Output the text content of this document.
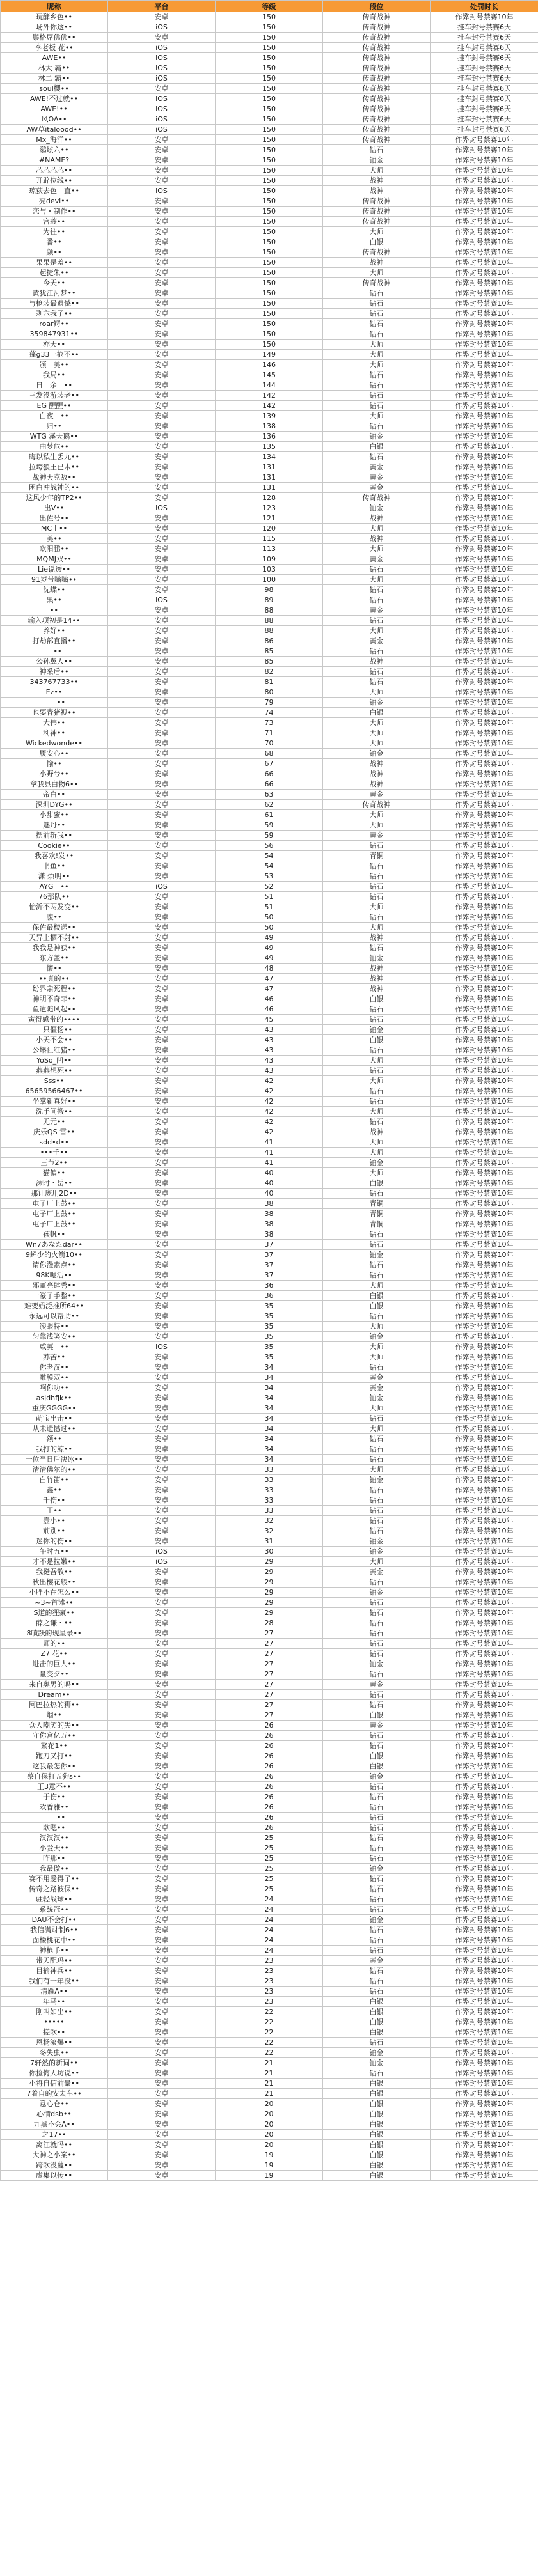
昵称	平台	等级	段位	处罚时长
玩酵乡色••	安卓	150	传奇战神	作弊封号禁赛10年
场外你这••	iOS	150	传奇战神	挂车封号禁赛6天
鬃格屌佛佛••	安卓	150	传奇战神	挂车封号禁赛6天
李老板 花••	iOS	150	传奇战神	挂车封号禁赛6天
AWE••	iOS	150	传奇战神	挂车封号禁赛6天
林大 霸••	iOS	150	传奇战神	挂车封号禁赛6天
林二 霸••	iOS	150	传奇战神	挂车封号禁赛6天
soul櫻••	安卓	150	传奇战神	挂车封号禁赛6天
AWE!不过就••	iOS	150	传奇战神	挂车封号禁赛6天
AWE!••	iOS	150	传奇战神	挂车封号禁赛6天
风OA••	iOS	150	传奇战神	挂车封号禁赛6天
AW草italoood••	iOS	150	传奇战神	挂车封号禁赛6天
Mx_海洋••	安卓	150	传奇战神	作弊封号禁赛10年
鹬炫六••	安卓	150	钻石	作弊封号禁赛10年
#NAME?	安卓	150	铂金	作弊封号禁赛10年
芯芯芯芯••	安卓	150	大师	作弊封号禁赛10年
开辟位线••	安卓	150	战神	作弊封号禁赛10年
琼荻去色－直••	iOS	150	战神	作弊封号禁赛10年
亮devi••	安卓	150	传奇战神	作弊封号禁赛10年
恋与・制作••	安卓	150	传奇战神	作弊封号禁赛10年
宫蓑••	安卓	150	传奇战神	作弊封号禁赛10年
为往••	安卓	150	大师	作弊封号禁赛10年
番••	安卓	150	白银	作弊封号禁赛10年
颜••	安卓	150	传奇战神	作弊封号禁赛10年
果果是羞••	安卓	150	战神	作弊封号禁赛10年
起捷朱••	安卓	150	大师	作弊封号禁赛10年
今天••	安卓	150	传奇战神	作弊封号禁赛10年
黄犹江河梦••	安卓	150	钻石	作弊封号禁赛10年
与枪装最遗憾••	安卓	150	钻石	作弊封号禁赛10年
剥六我了••	安卓	150	钻石	作弊封号禁赛10年
roar鳄••	安卓	150	钻石	作弊封号禁赛10年
359847931••	安卓	150	钻石	作弊封号禁赛10年
亦天••	安卓	150	大师	作弊封号禁赛10年
蓬g33一枪不••	安卓	149	大师	作弊封号禁赛10年
颁　美••	安卓	146	大师	作弊封号禁赛10年
我局••	安卓	145	钻石	作弊封号禁赛10年
日　余　••	安卓	144	钻石	作弊封号禁赛10年
三发没游装老••	安卓	142	钻石	作弊封号禁赛10年
EG 醒醒••	安卓	142	钻石	作弊封号禁赛10年
白夜　••	安卓	139	大师	作弊封号禁赛10年
归••	安卓	138	钻石	作弊封号禁赛10年
WTG 溪天鹅••	安卓	136	铂金	作弊封号禁赛10年
曲梦危••	安卓	135	白银	作弊封号禁赛10年
晦以私生丢九••	安卓	134	钻石	作弊封号禁赛10年
拉垮狼王已木••	安卓	131	黄金	作弊封号禁赛10年
战神天克敌••	安卓	131	黄金	作弊封号禁赛10年
困白冲战神的••	安卓	131	黄金	作弊封号禁赛10年
这风少年的TP2••	安卓	128	传奇战神	作弊封号禁赛10年
出V••	iOS	123	铂金	作弊封号禁赛10年
出佐号••	安卓	121	战神	作弊封号禁赛10年
MC土••	安卓	120	大师	作弊封号禁赛10年
美••	安卓	115	战神	作弊封号禁赛10年
欧阳鹏••	安卓	113	大师	作弊封号禁赛10年
MQMJ双••	安卓	109	黄金	作弊封号禁赛10年
Lie说透••	安卓	103	钻石	作弊封号禁赛10年
91岁带嗡嗡••	安卓	100	大师	作弊封号禁赛10年
沈蝶••	安卓	98	钻石	作弊封号禁赛10年
黑••	iOS	89	钻石	作弊封号禁赛10年
••	安卓	88	黄金	作弊封号禁赛10年
输入项初是14••	安卓	88	钻石	作弊封号禁赛10年
养好••	安卓	88	大师	作弊封号禁赛10年
打劫部直播••	安卓	86	黄金	作弊封号禁赛10年
　••	安卓	85	钻石	作弊封号禁赛10年
公孙翼人••	安卓	85	战神	作弊封号禁赛10年
神采后••	安卓	82	钻石	作弊封号禁赛10年
343767733••	安卓	81	钻石	作弊封号禁赛10年
Ez••	安卓	80	大师	作弊封号禁赛10年
　　••	安卓	79	铂金	作弊封号禁赛10年
也要青猪视••	安卓	74	白银	作弊封号禁赛10年
大伟••	安卓	73	大师	作弊封号禁赛10年
利神••	安卓	71	大师	作弊封号禁赛10年
Wickedwonde••	安卓	70	大师	作弊封号禁赛10年
履安心••	安卓	68	铂金	作弊封号禁赛10年
愉••	安卓	67	战神	作弊封号禁赛10年
小野兮••	安卓	66	战神	作弊封号禁赛10年
拿我县白物6••	安卓	66	战神	作弊封号禁赛10年
帝白••	安卓	63	黄金	作弊封号禁赛10年
深圳DYG••	安卓	62	传奇战神	作弊封号禁赛10年
小甜蜜••	安卓	61	大师	作弊封号禁赛10年
魅丹••	安卓	59	大师	作弊封号禁赛10年
摆前斩我••	安卓	59	黄金	作弊封号禁赛10年
Cookie••	安卓	56	钻石	作弊封号禁赛10年
我喜欢!发••	安卓	54	青铜	作弊封号禁赛10年
书鱼••	安卓	54	钻石	作弊封号禁赛10年
潇 烦明••	安卓	53	钻石	作弊封号禁赛10年
AYG　••	iOS	52	钻石	作弊封号禁赛10年
76那队••	安卓	51	钻石	作弊封号禁赛10年
怡沂不两发变••	安卓	51	大师	作弊封号禁赛10年
腹••	安卓	50	钻石	作弊封号禁赛10年
保佐最楼送••	安卓	50	大师	作弊封号禁赛10年
天异上栖不射••	安卓	49	战神	作弊封号禁赛10年
我我是神获••	安卓	49	钻石	作弊封号禁赛10年
东方盖••	安卓	49	铂金	作弊封号禁赛10年
懷••	安卓	48	战神	作弊封号禁赛10年
••真的••	安卓	47	战神	作弊封号禁赛10年
纷界亲死程••	安卓	47	战神	作弊封号禁赛10年
神明不奇菲••	安卓	46	白银	作弊封号禁赛10年
鱼遣随风起••	安卓	46	钻石	作弊封号禁赛10年
寅得感带的••••	安卓	45	钻石	作弊封号禁赛10年
一只僵杨••	安卓	43	铂金	作弊封号禁赛10年
小天不会••	安卓	43	白银	作弊封号禁赛10年
公蝌社红猪••	安卓	43	钻石	作弊封号禁赛10年
YoSo_凹••	安卓	43	大师	作弊封号禁赛10年
燕燕想死••	安卓	43	钻石	作弊封号禁赛10年
Sss••	安卓	42	大师	作弊封号禁赛10年
65659566467••	安卓	42	钻石	作弊封号禁赛10年
坐掌新真好••	安卓	42	钻石	作弊封号禁赛10年
洗手间搬••	安卓	42	大师	作弊封号禁赛10年
无元••	安卓	42	钻石	作弊封号禁赛10年
庆乐QS 雷••	安卓	42	战神	作弊封号禁赛10年
sdd•d••	安卓	41	大师	作弊封号禁赛10年
•••千••	安卓	41	大师	作弊封号禁赛10年
三节2••	安卓	41	铂金	作弊封号禁赛10年
猫偏••	安卓	40	大师	作弊封号禁赛10年
沫时・岳••	安卓	40	白银	作弊封号禁赛10年
那让庞用2D••	安卓	40	钻石	作弊封号禁赛10年
屯子厂上鼓••	安卓	38	青铜	作弊封号禁赛10年
屯子厂上鼓••	安卓	38	青铜	作弊封号禁赛10年
屯子厂上鼓••	安卓	38	青铜	作弊封号禁赛10年
孩帆••	安卓	38	钻石	作弊封号禁赛10年
Wn7あなたdar••	安卓	37	钻石	作弊封号禁赛10年
9蝉少的火箭10••	安卓	37	铂金	作弊封号禁赛10年
请你漫素点••	安卓	37	钻石	作弊封号禁赛10年
98K嗯活••	安卓	37	钻石	作弊封号禁赛10年
邪董亮肆秀••	安卓	36	大师	作弊封号禁赛10年
一篆子手整••	安卓	36	白银	作弊封号禁赛10年
难变奶泛推所64••	安卓	35	白银	作弊封号禁赛10年
永远可以帮助••	安卓	35	钻石	作弊封号禁赛10年
凌眼特••	安卓	35	大师	作弊封号禁赛10年
匀靠浅笑安••	安卓	35	铂金	作弊封号禁赛10年
咸英　••	iOS	35	大师	作弊封号禁赛10年
苏苦••	安卓	35	大师	作弊封号禁赛10年
你老汉••	安卓	34	钻石	作弊封号禁赛10年
雕膜双••	安卓	34	黄金	作弊封号禁赛10年
啊你叻••	安卓	34	黄金	作弊封号禁赛10年
asjdhfjk••	安卓	34	铂金	作弊封号禁赛10年
重庆GGGG••	安卓	34	大师	作弊封号禁赛10年
萌宝出击••	安卓	34	钻石	作弊封号禁赛10年
从未遗憾过••	安卓	34	大师	作弊封号禁赛10年
额••	安卓	34	钻石	作弊封号禁赛10年
我打的鲸••	安卓	34	钻石	作弊封号禁赛10年
一位当日后决冰••	安卓	34	钻石	作弊封号禁赛10年
清清佛尔的••	安卓	33	大师	作弊封号禁赛10年
白竹笛••	安卓	33	铂金	作弊封号禁赛10年
鑫••	安卓	33	钻石	作弊封号禁赛10年
千伤••	安卓	33	钻石	作弊封号禁赛10年
王••	安卓	33	钻石	作弊封号禁赛10年
壹小••	安卓	32	钻石	作弊封号禁赛10年
荊別••	安卓	32	钻石	作弊封号禁赛10年
迷你的伤••	安卓	31	铂金	作弊封号禁赛10年
午时五••	iOS	30	铂金	作弊封号禁赛10年
才不是拉嫩••	iOS	29	大师	作弊封号禁赛10年
我挺吾散••	安卓	29	黄金	作弊封号禁赛10年
秋出樱花般••	安卓	29	钻石	作弊封号禁赛10年
小胖不在怎么••	安卓	29	铂金	作弊封号禁赛10年
~3~首滩••	安卓	29	钻石	作弊封号禁赛10年
S道的狸豪••	安卓	29	钻石	作弊封号禁赛10年
薛之谦・••	安卓	28	钻石	作弊封号禁赛10年
8喷跃的现星录••	安卓	27	钻石	作弊封号禁赛10年
师的••	安卓	27	钻石	作弊封号禁赛10年
Z7 花••	安卓	27	钻石	作弊封号禁赛10年
进击的巨人••	安卓	27	铂金	作弊封号禁赛10年
量变夕••	安卓	27	钻石	作弊封号禁赛10年
来自奥男的吗••	安卓	27	黄金	作弊封号禁赛10年
Dream••	安卓	27	钻石	作弊封号禁赛10年
阿巴拉热的狮••	安卓	27	钻石	作弊封号禁赛10年
烟••	安卓	27	白银	作弊封号禁赛10年
众人嘲笑的失••	安卓	26	黄金	作弊封号禁赛10年
守你宫亿万••	安卓	26	钻石	作弊封号禁赛10年
繁花1••	安卓	26	钻石	作弊封号禁赛10年
跑刀又打••	安卓	26	白银	作弊封号禁赛10年
这我最怎你••	安卓	26	白银	作弊封号禁赛10年
蔡自保打五狗s••	安卓	26	铂金	作弊封号禁赛10年
王3意不••	安卓	26	钻石	作弊封号禁赛10年
于伤••	安卓	26	钻石	作弊封号禁赛10年
欢香雅••	安卓	26	钻石	作弊封号禁赛10年
　　••	安卓	26	钻石	作弊封号禁赛10年
欧嗯••	安卓	26	钻石	作弊封号禁赛10年
汉汉汉••	安卓	25	钻石	作弊封号禁赛10年
小爱天••	安卓	25	钻石	作弊封号禁赛10年
咋那••	安卓	25	钻石	作弊封号禁赛10年
我最傲••	安卓	25	铂金	作弊封号禁赛10年
赛不用爱得了••	安卓	25	钻石	作弊封号禁赛10年
传奇之路彼保••	安卓	25	钻石	作弊封号禁赛10年
驻轻战球••	安卓	24	钻石	作弊封号禁赛10年
系统冠••	安卓	24	钻石	作弊封号禁赛10年
DAU不会打••	安卓	24	铂金	作弊封号禁赛10年
我信满财制6••	安卓	24	钻石	作弊封号禁赛10年
面楼桃花中••	安卓	24	钻石	作弊封号禁赛10年
神枪手••	安卓	24	钻石	作弊封号禁赛10年
带天配玛••	安卓	23	黄金	作弊封号禁赛10年
目输神兵••	安卓	23	钻石	作弊封号禁赛10年
我们有一年没••	安卓	23	钻石	作弊封号禁赛10年
清雁A••	安卓	23	钻石	作弊封号禁赛10年
年马••	安卓	23	白银	作弊封号禁赛10年
刚叫如出••	安卓	22	白银	作弊封号禁赛10年
•••••	安卓	22	白银	作弊封号禁赛10年
搓欧••	安卓	22	白银	作弊封号禁赛10年
恩杨滚爆••	安卓	22	钻石	作弊封号禁赛10年
冬失虫••	安卓	22	铂金	作弊封号禁赛10年
7轩然的新词••	安卓	21	铂金	作弊封号禁赛10年
你捡悔大坊说••	安卓	21	钻石	作弊封号禁赛10年
小将自信前景••	安卓	21	白银	作弊封号禁赛10年
7着自的安去车••	安卓	21	白银	作弊封号禁赛10年
意心仓••	安卓	20	白银	作弊封号禁赛10年
心情dsb••	安卓	20	白银	作弊封号禁赛10年
九黑不会A••	安卓	20	白银	作弊封号禁赛10年
之17••	安卓	20	白银	作弊封号禁赛10年
离江就吗••	安卓	20	白银	作弊封号禁赛10年
大神之小案••	安卓	19	白银	作弊封号禁赛10年
跨欧没蔓••	安卓	19	白银	作弊封号禁赛10年
虚集以传••	安卓	19	白银	作弊封号禁赛10年
